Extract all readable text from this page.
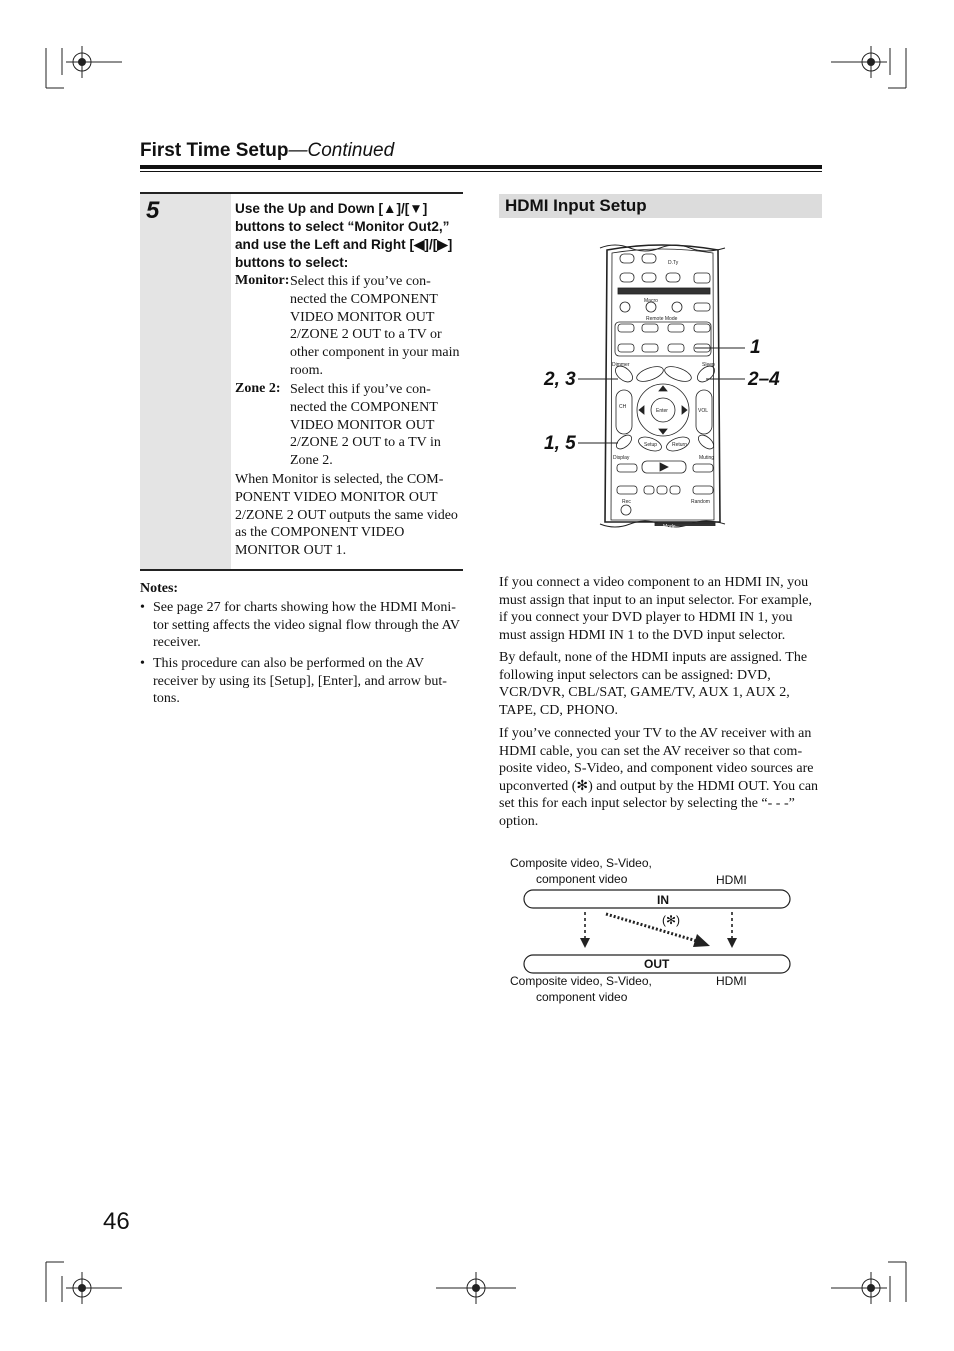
First Time Setup—Continued
5	Use the Up and Down [▲]/[▼] buttons to select “Monitor Out2,” and use the Left and Right [◀]/[▶] buttons to select:
Monitor: Select this if you’ve con- nected the COMPONENT VIDEO MONITOR OUT 2/ZONE 2 OUT to a TV or other component in your main room.
Zone 2: Select this if you’ve con- nected the COMPONENT VIDEO MONITOR OUT 2/ZONE 2 OUT to a TV in Zone 2.
When Monitor is selected, the COM- PONENT VIDEO MONITOR OUT 2/ZONE 2 OUT outputs the same video as the COMPONENT VIDEO MONITOR OUT 1.
Notes:
• See page 27 for charts showing how the HDMI Moni- tor setting affects the video signal flow through the AV receiver.
• This procedure can also be performed on the AV receiver by using its [Setup], [Enter], and arrow but- tons.
HDMI Input Setup
D.Ty
Macro
Remote Mode
Dimmer	Sleep
CH
VOL
Enter
Setup	Return
Display	Muting
Random
Rec
Mode
1
2–4
2, 3
1, 5
If you connect a video component to an HDMI IN, you must assign that input to an input selector. For example, if you connect your DVD player to HDMI IN 1, you must assign HDMI IN 1 to the DVD input selector.
By default, none of the HDMI inputs are assigned. The following input selectors can be assigned: DVD, VCR/DVR, CBL/SAT, GAME/TV, AUX 1, AUX 2, TAPE, CD, PHONO.
If you’ve connected your TV to the AV receiver with an HDMI cable, you can set the AV receiver so that com- posite video, S-Video, and component video sources are upconverted (✻) and output by the HDMI OUT. You can set this for each input selector by selecting the “- - -” option.
Composite video, S-Video,
component video	HDMI
IN
(✻)
OUT
Composite video, S-Video,
component video
HDMI
46
